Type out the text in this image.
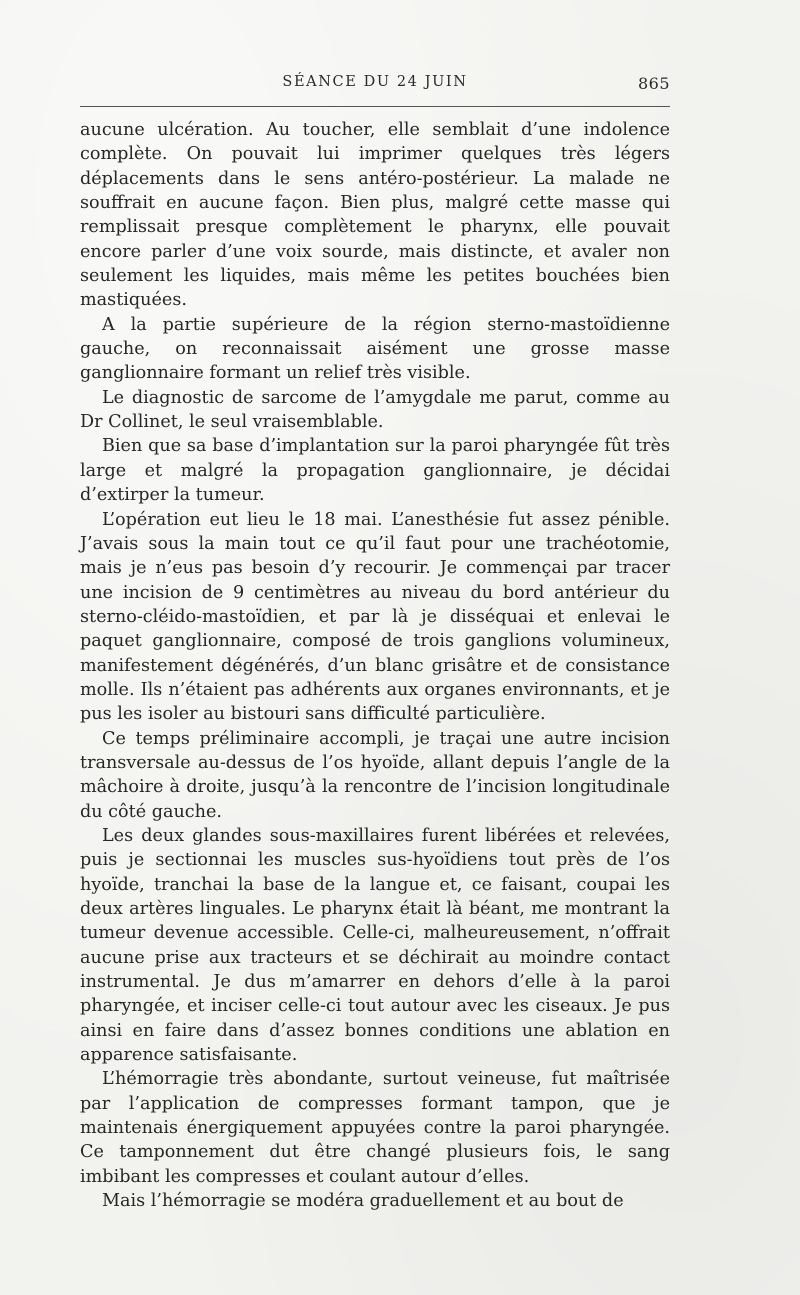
SÉANCE DU 24 JUIN	865

aucune ulcération. Au toucher, elle semblait d’une indolence complète. On pouvait lui imprimer quelques très légers déplacements dans le sens antéro-postérieur. La malade ne souffrait en aucune façon. Bien plus, malgré cette masse qui remplissait presque complètement le pharynx, elle pouvait encore parler d’une voix sourde, mais distincte, et avaler non seulement les liquides, mais même les petites bouchées bien mastiquées.

A la partie supérieure de la région sterno-mastoïdienne gauche, on reconnaissait aisément une grosse masse ganglionnaire formant un relief très visible.

Le diagnostic de sarcome de l’amygdale me parut, comme au Dr Collinet, le seul vraisemblable.

Bien que sa base d’implantation sur la paroi pharyngée fût très large et malgré la propagation ganglionnaire, je décidai d’extirper la tumeur.

L’opération eut lieu le 18 mai. L’anesthésie fut assez pénible. J’avais sous la main tout ce qu’il faut pour une trachéotomie, mais je n’eus pas besoin d’y recourir. Je commençai par tracer une incision de 9 centimètres au niveau du bord antérieur du sterno-cléido-mastoïdien, et par là je disséquai et enlevai le paquet ganglionnaire, composé de trois ganglions volumineux, manifestement dégénérés, d’un blanc grisâtre et de consistance molle. Ils n’étaient pas adhérents aux organes environnants, et je pus les isoler au bistouri sans difficulté particulière.

Ce temps préliminaire accompli, je traçai une autre incision transversale au-dessus de l’os hyoïde, allant depuis l’angle de la mâchoire à droite, jusqu’à la rencontre de l’incision longitudinale du côté gauche.

Les deux glandes sous-maxillaires furent libérées et relevées, puis je sectionnai les muscles sus-hyoïdiens tout près de l’os hyoïde, tranchai la base de la langue et, ce faisant, coupai les deux artères linguales. Le pharynx était là béant, me montrant la tumeur devenue accessible. Celle-ci, malheureusement, n’offrait aucune prise aux tracteurs et se déchirait au moindre contact instrumental. Je dus m’amarrer en dehors d’elle à la paroi pharyngée, et inciser celle-ci tout autour avec les ciseaux. Je pus ainsi en faire dans d’assez bonnes conditions une ablation en apparence satisfaisante.

L’hémorragie très abondante, surtout veineuse, fut maîtrisée par l’application de compresses formant tampon, que je maintenais énergiquement appuyées contre la paroi pharyngée. Ce tamponnement dut être changé plusieurs fois, le sang imbibant les compresses et coulant autour d’elles.

Mais l’hémorragie se modéra graduellement et au bout de
